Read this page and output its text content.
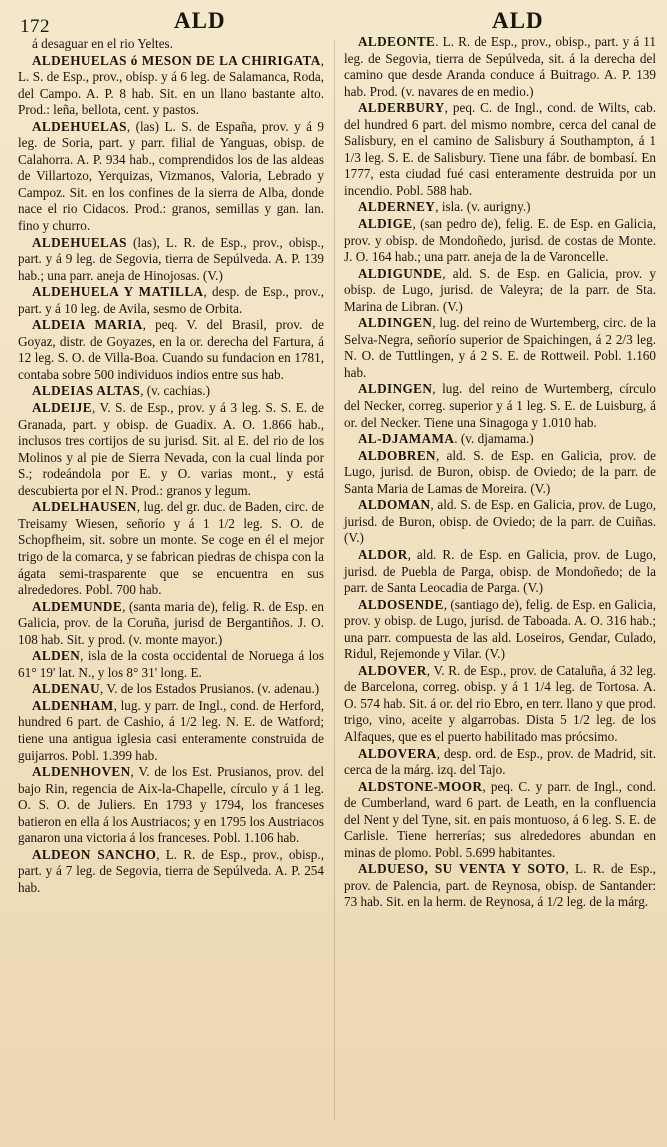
172	ALD	ALD

á desaguar en el rio Yeltes.

ALDEHUELAS ó MESON DE LA CHIRIGATA, L. S. de Esp., prov., obisp. y á 6 leg. de Salamanca, Roda, del Campo. A. P. 8 hab. Sit. en un llano bastante alto. Prod.: leña, bellota, cent. y pastos.

ALDEHUELAS, (las) L. S. de España, prov. y á 9 leg. de Soria, part. y parr. filial de Yanguas, obisp. de Calahorra. A. P. 934 hab., comprendidos los de las aldeas de Villartozo, Yerquizas, Vizmanos, Valoria, Lebrado y Campoz. Sit. en los confines de la sierra de Alba, donde nace el rio Cidacos. Prod.: granos, semillas y gan. lan. fino y churro.

ALDEHUELAS (las), L. R. de Esp., prov., obisp., part. y á 9 leg. de Segovia, tierra de Sepúlveda. A. P. 139 hab.; una parr. aneja de Hinojosas. (V.)

ALDEHUELA Y MATILLA, desp. de Esp., prov., part. y á 10 leg. de Avila, sesmo de Orbita.

ALDEIA MARIA, peq. V. del Brasil, prov. de Goyaz, distr. de Goyazes, en la or. derecha del Fartura, á 12 leg. S. O. de Villa-Boa. Cuando su fundacion en 1781, contaba sobre 500 individuos indios entre sus hab.

ALDEIAS ALTAS, (v. cachias.)

ALDEIJE, V. S. de Esp., prov. y á 3 leg. S. S. E. de Granada, part. y obisp. de Guadix. A. O. 1.866 hab., inclusos tres cortijos de su jurisd. Sit. al E. del rio de los Molinos y al pie de Sierra Nevada, con la cual linda por S.; rodeándola por E. y O. varias mont., y está descubierta por el N. Prod.: granos y legum.

ALDELHAUSEN, lug. del gr. duc. de Baden, circ. de Treisamy Wiesen, señorío y á 1 1/2 leg. S. O. de Schopfheim, sit. sobre un monte. Se coge en él el mejor trigo de la comarca, y se fabrican piedras de chispa con la ágata semi-trasparente que se encuentra en sus alrededores. Pobl. 700 hab.

ALDEMUNDE, (santa maria de), felig. R. de Esp. en Galicia, prov. de la Coruña, jurisd de Bergantiños. J. O. 108 hab. Sit. y prod. (v. monte mayor.)

ALDEN, isla de la costa occidental de Noruega á los 61° 19' lat. N., y los 8° 31' long. E.

ALDENAU, V. de los Estados Prusianos. (v. adenau.)

ALDENHAM, lug. y parr. de Ingl., cond. de Herford, hundred 6 part. de Cashio, á 1/2 leg. N. E. de Watford; tiene una antigua iglesia casi enteramente construida de guijarros. Pobl. 1.399 hab.

ALDENHOVEN, V. de los Est. Prusianos, prov. del bajo Rin, regencia de Aix-la-Chapelle, círculo y á 1 leg. O. S. O. de Juliers. En 1793 y 1794, los franceses batieron en ella á los Austriacos; y en 1795 los Austriacos ganaron una victoria á los franceses. Pobl. 1.106 hab.

ALDEON SANCHO, L. R. de Esp., prov., obisp., part. y á 7 leg. de Segovia, tierra de Sepúlveda. A. P. 254 hab.

ALDEONTE. L. R. de Esp., prov., obisp., part. y á 11 leg. de Segovia, tierra de Sepúlveda, sit. á la derecha del camino que desde Aranda conduce á Buitrago. A. P. 139 hab. Prod. (v. navares de en medio.)

ALDERBURY, peq. C. de Ingl., cond. de Wilts, cab. del hundred 6 part. del mismo nombre, cerca del canal de Salisbury, en el camino de Salisbury á Southampton, á 1 1/3 leg. S. E. de Salisbury. Tiene una fábr. de bombasí. En 1777, esta ciudad fué casi enteramente destruida por un incendio. Pobl. 588 hab.

ALDERNEY, isla. (v. aurigny.)

ALDIGE, (san pedro de), felig. E. de Esp. en Galicia, prov. y obisp. de Mondoñedo, jurisd. de costas de Monte. J. O. 164 hab.; una parr. aneja de la de Varoncelle.

ALDIGUNDE, ald. S. de Esp. en Galicia, prov. y obisp. de Lugo, jurisd. de Valeyra; de la parr. de Sta. Marina de Libran. (V.)

ALDINGEN, lug. del reino de Wurtemberg, circ. de la Selva-Negra, señorío superior de Spaichingen, á 2 2/3 leg. N. O. de Tuttlingen, y á 2 S. E. de Rottweil. Pobl. 1.160 hab.

ALDINGEN, lug. del reino de Wurtemberg, círculo del Necker, correg. superior y á 1 leg. S. E. de Luisburg, á or. del Necker. Tiene una Sinagoga y 1.010 hab.

AL-DJAMAMA. (v. djamama.)

ALDOBREN, ald. S. de Esp. en Galicia, prov. de Lugo, jurisd. de Buron, obisp. de Oviedo; de la parr. de Santa Maria de Lamas de Moreira. (V.)

ALDOMAN, ald. S. de Esp. en Galicia, prov. de Lugo, jurisd. de Buron, obisp. de Oviedo; de la parr. de Cuiñas. (V.)

ALDOR, ald. R. de Esp. en Galicia, prov. de Lugo, jurisd. de Puebla de Parga, obisp. de Mondoñedo; de la parr. de Santa Leocadia de Parga. (V.)

ALDOSENDE, (santiago de), felig. de Esp. en Galicia, prov. y obisp. de Lugo, jurisd. de Taboada. A. O. 316 hab.; una parr. compuesta de las ald. Loseiros, Gendar, Culado, Ridul, Rejemonde y Vilar. (V.)

ALDOVER, V. R. de Esp., prov. de Cataluña, á 32 leg. de Barcelona, correg. obisp. y á 1 1/4 leg. de Tortosa. A. O. 574 hab. Sit. á or. del rio Ebro, en terr. llano y que prod. trigo, vino, aceite y algarrobas. Dista 5 1/2 leg. de los Alfaques, que es el puerto habilitado mas prócsimo.

ALDOVERA, desp. ord. de Esp., prov. de Madrid, sit. cerca de la márg. izq. del Tajo.

ALDSTONE-MOOR, peq. C. y parr. de Ingl., cond. de Cumberland, ward 6 part. de Leath, en la confluencia del Nent y del Tyne, sit. en pais montuoso, á 6 leg. S. E. de Carlisle. Tiene herrerías; sus alrededores abundan en minas de plomo. Pobl. 5.699 habitantes.

ALDUESO, SU VENTA Y SOTO, L. R. de Esp., prov. de Palencia, part. de Reynosa, obisp. de Santander: 73 hab. Sit. en la herm. de Reynosa, á 1/2 leg. de la márg.
